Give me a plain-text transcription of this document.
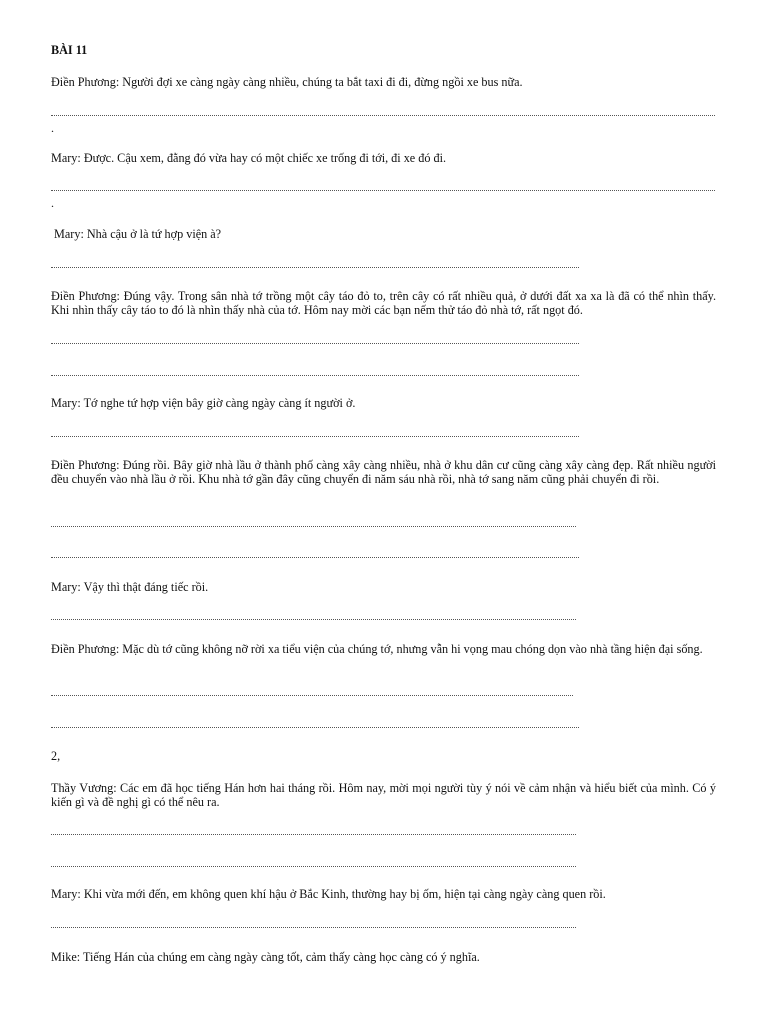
BÀI 11
Điền Phương: Người đợi xe càng ngày càng nhiều, chúng ta bắt taxi đi đi, đừng ngồi xe bus nữa.
.
Mary: Được. Cậu xem, đằng đó vừa hay có một chiếc xe trống đi tới, đi xe đó đi.
.
Mary: Nhà cậu ở là tứ hợp viện à?
Điền Phương: Đúng vậy. Trong sân nhà tớ trồng một cây táo đỏ to, trên cây có rất nhiều quả, ở dưới đất xa xa là đã có thể nhìn thấy. Khi nhìn thấy cây táo to đó là nhìn thấy nhà của tớ. Hôm nay mời các bạn nếm thử táo đỏ nhà tớ, rất ngọt đó.
Mary: Tớ nghe tứ hợp viện bây giờ càng ngày càng ít người ở.
Điền Phương: Đúng rồi. Bây giờ nhà lầu ở thành phố càng xây càng nhiều, nhà ở khu dân cư cũng càng xây càng đẹp. Rất nhiều người đều chuyển vào nhà lầu ở rồi. Khu nhà tớ gần đây cũng chuyển đi năm sáu nhà rồi, nhà tớ sang năm cũng phải chuyển đi rồi.
Mary: Vậy thì thật đáng tiếc rồi.
Điền Phương: Mặc dù tớ cũng không nỡ rời xa tiểu viện của chúng tớ, nhưng vẫn hi vọng mau chóng dọn vào nhà tầng hiện đại sống.
2,
Thầy Vương: Các em đã học tiếng Hán hơn hai tháng rồi. Hôm nay, mời mọi người tùy ý nói về cảm nhận và hiểu biết của mình. Có ý kiến gì và đề nghị gì có thể nêu ra.
Mary: Khi vừa mới đến, em không quen khí hậu ở Bắc Kinh, thường hay bị ốm, hiện tại càng ngày càng quen rồi.
Mike: Tiếng Hán của chúng em càng ngày càng tốt, cảm thấy càng học càng có ý nghĩa.
